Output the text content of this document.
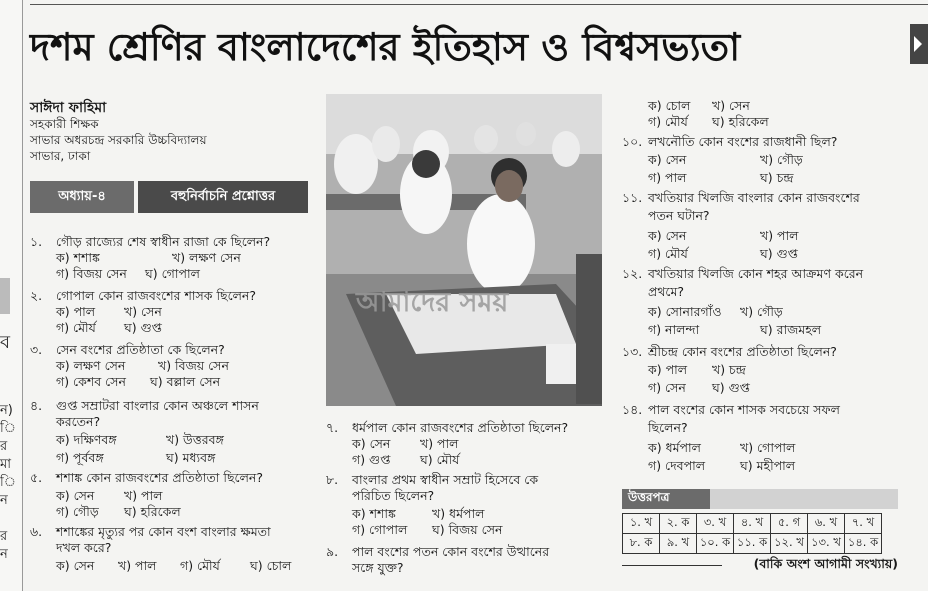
ব
ন)
ি
র
মা
ি
ন
র
ন
দশম শ্রেণির বাংলাদেশের ইতিহাস ও বিশ্বসভ্যতা
সাঈদা ফাহিমা
সহকারী শিক্ষক
সাভার অধরচন্দ্র সরকারি উচ্চবিদ্যালয়
সাভার, ঢাকা
অধ্যায়-৪	বহুনির্বাচনি প্রশ্নোত্তর
আমাদের সময়
১. গৌড় রাজ্যের শেষ স্বাধীন রাজা কে ছিলেন?
ক) শশাঙ্ক	খ) লক্ষণ সেন
গ) বিজয় সেন ঘ) গোপাল
২. গোপাল কোন রাজবংশের শাসক ছিলেন?
ক) পাল খ) সেন
গ) মৌর্য ঘ) গুপ্ত
৩. সেন বংশের প্রতিষ্ঠাতা কে ছিলেন?
ক) লক্ষণ সেন	খ) বিজয় সেন
গ) কেশব সেন ঘ) বল্লাল সেন
৪. গুপ্ত সম্রাটরা বাংলার কোন অঞ্চলে শাসন
করতেন?
ক) দক্ষিণবঙ্গ	খ) উত্তরবঙ্গ
গ) পূর্ববঙ্গ	ঘ) মধ্যবঙ্গ
৫. শশাঙ্ক কোন রাজবংশের প্রতিষ্ঠাতা ছিলেন?
ক) সেন খ) পাল
গ) গৌড় ঘ) হরিকেল
৬. শশাঙ্কের মৃত্যুর পর কোন বংশ বাংলার ক্ষমতা
দখল করে?
ক) সেন খ) পাল গ) মৌর্য ঘ) চোল
৭. ধর্মপাল কোন রাজবংশের প্রতিষ্ঠাতা ছিলেন?
ক) সেন খ) পাল
গ) গুপ্ত ঘ) মৌর্য
৮. বাংলার প্রথম স্বাধীন সম্রাট হিসেবে কে
পরিচিত ছিলেন?
ক) শশাঙ্ক	খ) ধর্মপাল
গ) গোপাল ঘ) বিজয় সেন
৯. পাল বংশের পতন কোন বংশের উত্থানের
সঙ্গে যুক্ত?
ক) চোল খ) সেন
গ) মৌর্য ঘ) হরিকেল
১০. লখনৌতি কোন বংশের রাজধানী ছিল?
ক) সেন	খ) গৌড়
গ) পাল	ঘ) চন্দ্র
১১. বখতিয়ার খিলজি বাংলার কোন রাজবংশের
পতন ঘটান?
ক) সেন	খ) পাল
গ) মৌর্য	ঘ) গুপ্ত
১২. বখতিয়ার খিলজি কোন শহর আক্রমণ করেন
প্রথমে?
ক) সোনারগাঁও খ) গৌড়
গ) নালন্দা	ঘ) রাজমহল
১৩. শ্রীচন্দ্র কোন বংশের প্রতিষ্ঠাতা ছিলেন?
ক) পাল খ) চন্দ্র
গ) সেন ঘ) গুপ্ত
১৪. পাল বংশের কোন শাসক সবচেয়ে সফল
ছিলেন?
ক) ধর্মপাল	খ) গোপাল
গ) দেবপাল	ঘ) মহীপাল
উত্তরপত্র
১. খ	২. ক	৩. খ	৪. খ	৫. গ	৬. খ	৭. খ
৮. ক	৯. খ	১০. ক	১১. ক	১২. খ	১৩. খ	১৪. ক
(বাকি অংশ আগামী সংখ্যায়)
